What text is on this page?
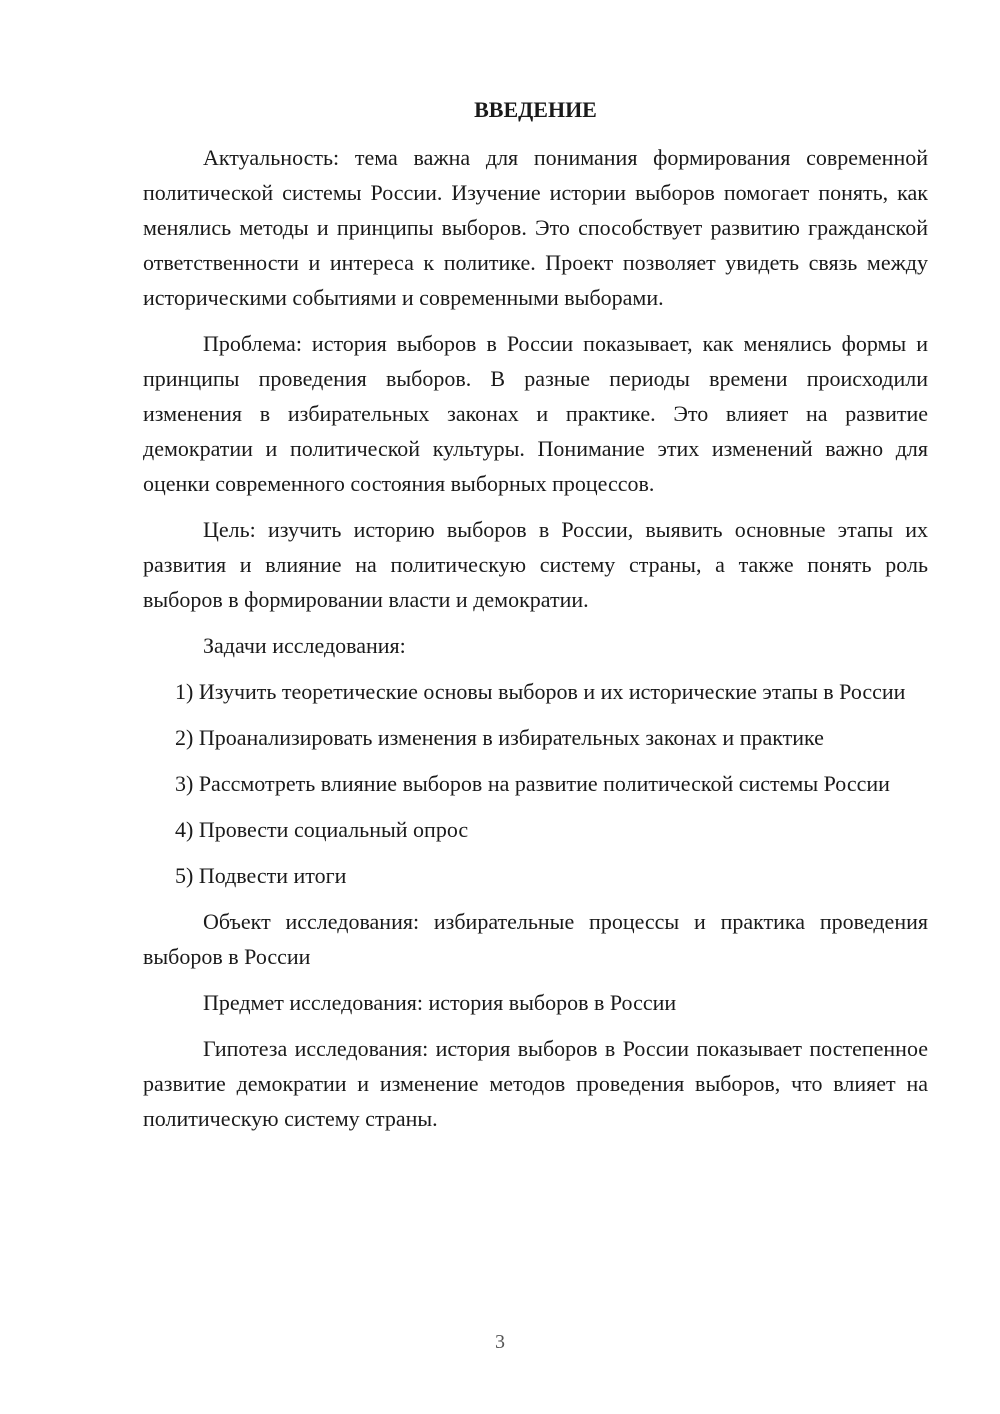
ВВЕДЕНИЕ

Актуальность: тема важна для понимания формирования современной политической системы России. Изучение истории выборов помогает понять, как менялись методы и принципы выборов. Это способствует развитию гражданской ответственности и интереса к политике. Проект позволяет увидеть связь между историческими событиями и современными выборами.

Проблема: история выборов в России показывает, как менялись формы и принципы проведения выборов. В разные периоды времени происходили изменения в избирательных законах и практике. Это влияет на развитие демократии и политической культуры. Понимание этих изменений важно для оценки современного состояния выборных процессов.

Цель: изучить историю выборов в России, выявить основные этапы их развития и влияние на политическую систему страны, а также понять роль выборов в формировании власти и демократии.

Задачи исследования:

1) Изучить теоретические основы выборов и их исторические этапы в России

2) Проанализировать изменения в избирательных законах и практике

3) Рассмотреть влияние выборов на развитие политической системы России

4) Провести социальный опрос

5) Подвести итоги

Объект исследования: избирательные процессы и практика проведения выборов в России

Предмет исследования: история выборов в России

Гипотеза исследования: история выборов в России показывает постепенное развитие демократии и изменение методов проведения выборов, что влияет на политическую систему страны.

3
